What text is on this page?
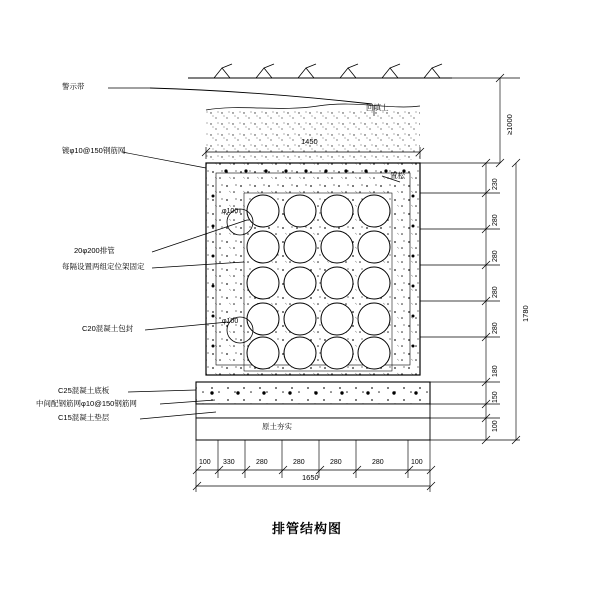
警示带
镀φ10@150钢筋网
20φ200排管
每隔设置两组定位架固定
C20混凝土包封
C25混凝土底板
中间配钢筋网φ10@150钢筋网
C15混凝土垫层
回填土
φ100
φ100
置松
原土夯实
1450
100 330	280	280	280	280	100
1650
230
280
280
280
280
180
150
100
1780
≥1000
排管结构图
